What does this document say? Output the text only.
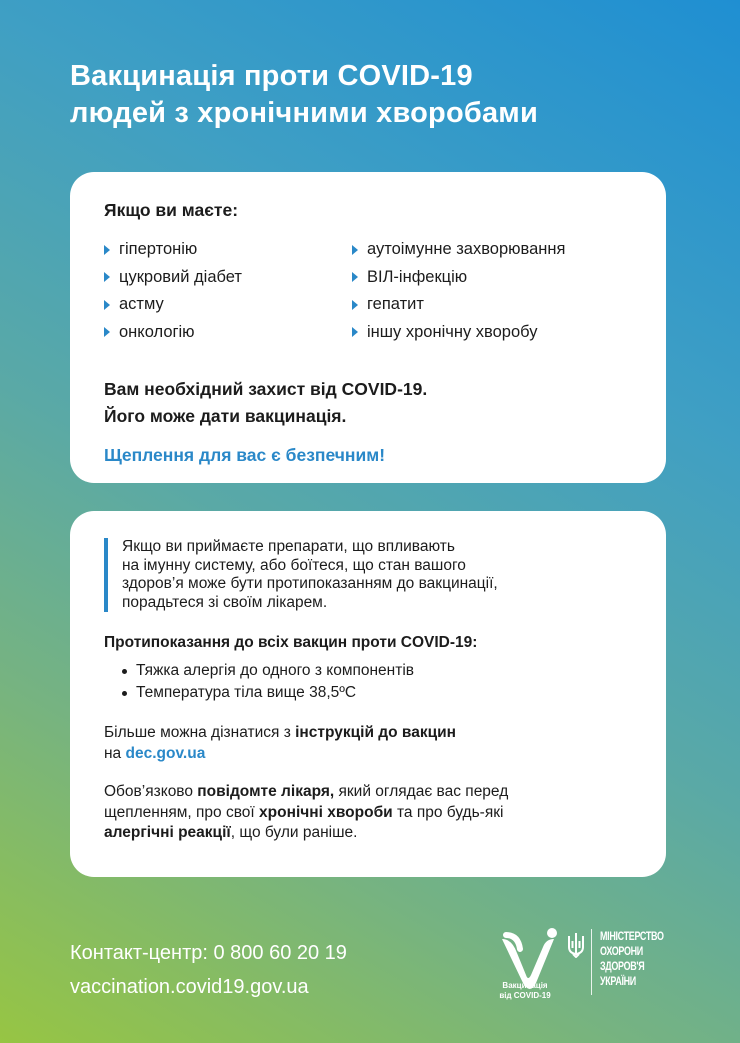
Вакцинація проти COVID-19
людей з хронічними хворобами

Якщо ви маєте:

гіпертонію
цукровий діабет
астму
онкологію
аутоімунне захворювання
ВІЛ-інфекцію
гепатит
іншу хронічну хворобу
Вам необхідний захист від COVID-19.
Його може дати вакцинація.
Щеплення для вас є безпечним!
Якщо ви приймаєте препарати, що впливають
на імунну систему, або боїтеся, що стан вашого
здоров’я може бути протипоказанням до вакцинації,
порадьтеся зі своїм лікарем.
Протипоказання до всіх вакцин проти COVID-19:
Тяжка алергія до одного з компонентів
Температура тіла вище 38,5ºC
Більше можна дізнатися з інструкцій до вакцин
на dec.gov.ua
Обов’язково повідомте лікаря, який оглядає вас перед
щепленням, про свої хронічні хвороби та про будь-які
алергічні реакції, що були раніше.
Контакт-центр: 0 800 60 20 19
vaccination.covid19.gov.ua	Вакцинація
від COVID-19
МІНІСТЕРСТВО
ОХОРОНИ
ЗДОРОВ'Я
УКРАЇНИ
